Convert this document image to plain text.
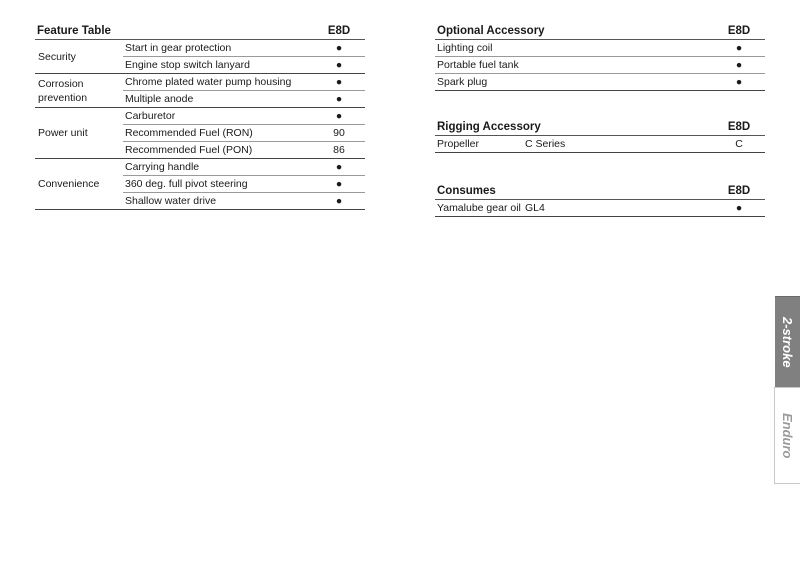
Feature Table		E8D
Security	Start in gear protection	●
	Engine stop switch lanyard	●
Corrosion prevention	Chrome plated water pump housing	●
	Multiple anode	●
Power unit	Carburetor	●
	Recommended Fuel (RON)	90
	Recommended Fuel (PON)	86
Convenience	Carrying handle	●
	360 deg. full pivot steering	●
	Shallow water drive	●
Optional Accessory	E8D
Lighting coil	●
Portable fuel tank	●
Spark plug	●
Rigging Accessory		E8D
Propeller	C Series	C
Consumes		E8D
Yamalube gear oil	GL4	●
2-stroke
Enduro
